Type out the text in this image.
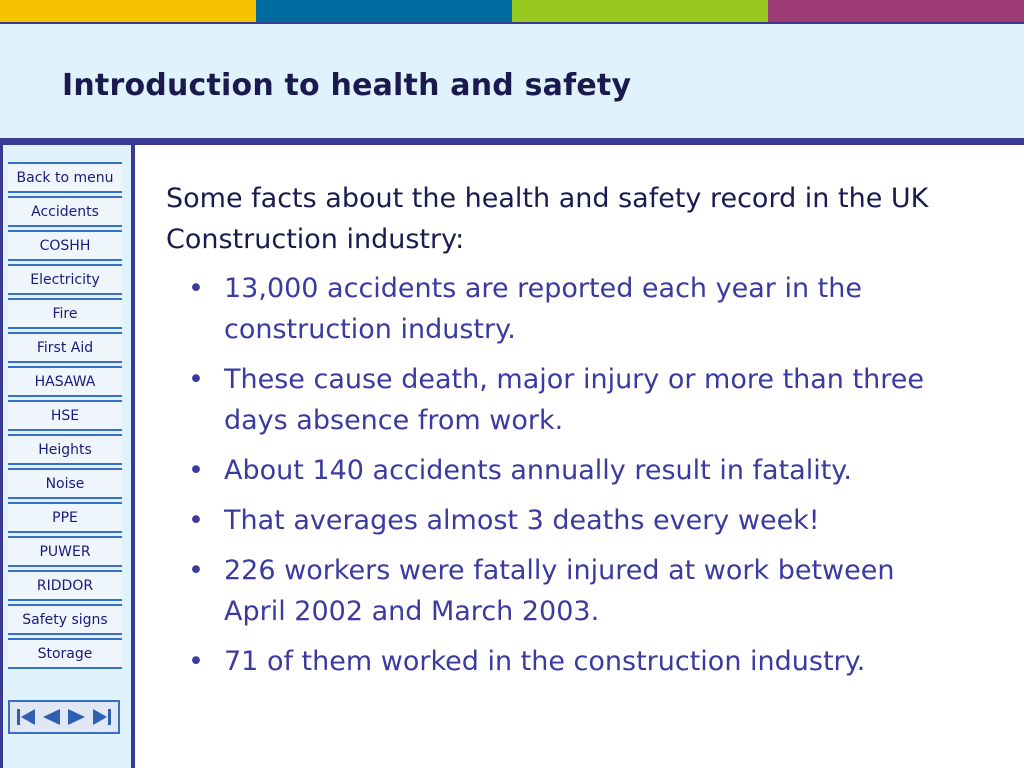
Introduction to health and safety
Back to menu
Accidents
COSHH
Electricity
Fire
First Aid
HASAWA
HSE
Heights
Noise
PPE
PUWER
RIDDOR
Safety signs
Storage

Some facts about the health and safety record in the UK Construction industry:

• 13,000 accidents are reported each year in the construction industry.
• These cause death, major injury or more than three days absence from work.
• About 140 accidents annually result in fatality.
• That averages almost 3 deaths every week!
• 226 workers were fatally injured at work between April 2002 and March 2003.
• 71 of them worked in the construction industry.
